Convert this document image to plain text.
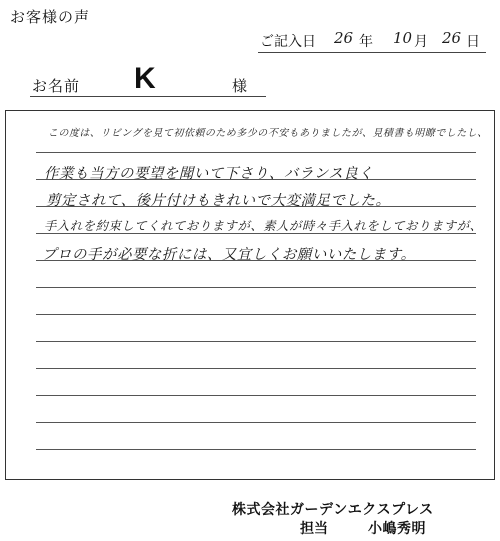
お客様の声
ご記入日 26 年 10 月 26 日
お名前 K	様
この度は、リビングを見て初依頼のため多少の不安もありましたが、見積書も明瞭でしたし、
作業も当方の要望を聞いて下さり、バランス良く
剪定されて、後片付けもきれいで大変満足でした。
手入れを約束してくれておりますが、素人が時々手入れをしておりますが、
プロの手が必要な折には、又宜しくお願いいたします。
株式会社ガーデンエクスプレス
担当	小嶋秀明
